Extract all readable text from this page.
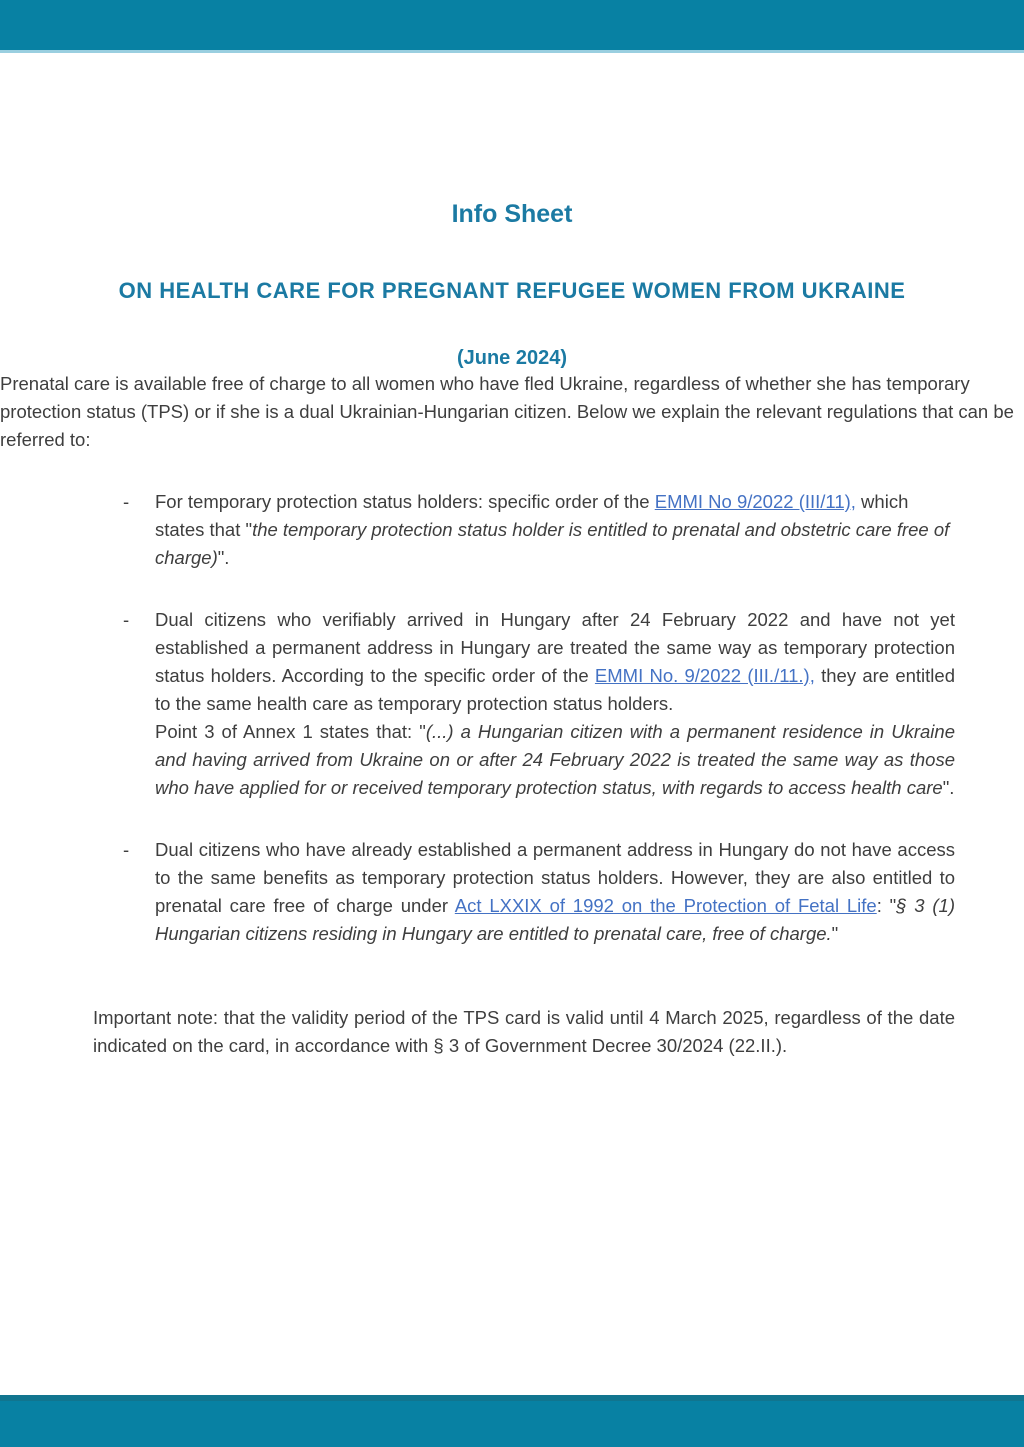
Info Sheet
ON HEALTH CARE FOR PREGNANT REFUGEE WOMEN FROM UKRAINE
(June 2024)

Prenatal care is available free of charge to all women who have fled Ukraine, regardless of whether she has temporary protection status (TPS) or if she is a dual Ukrainian-Hungarian citizen. Below we explain the relevant regulations that can be referred to:

-	For temporary protection status holders: specific order of the EMMI No 9/2022 (III/11), which states that "the temporary protection status holder is entitled to prenatal and obstetric care free of charge)".

-	Dual citizens who verifiably arrived in Hungary after 24 February 2022 and have not yet established a permanent address in Hungary are treated the same way as temporary protection status holders. According to the specific order of the EMMI No. 9/2022 (III./11.), they are entitled to the same health care as temporary protection status holders.

Point 3 of Annex 1 states that: "(...) a Hungarian citizen with a permanent residence in Ukraine and having arrived from Ukraine on or after 24 February 2022 is treated the same way as those who have applied for or received temporary protection status, with regards to access health care".

-	Dual citizens who have already established a permanent address in Hungary do not have access to the same benefits as temporary protection status holders. However, they are also entitled to prenatal care free of charge under Act LXXIX of 1992 on the Protection of Fetal Life: "§ 3 (1) Hungarian citizens residing in Hungary are entitled to prenatal care, free of charge."

Important note: that the validity period of the TPS card is valid until 4 March 2025, regardless of the date indicated on the card, in accordance with § 3 of Government Decree 30/2024 (22.II.).
